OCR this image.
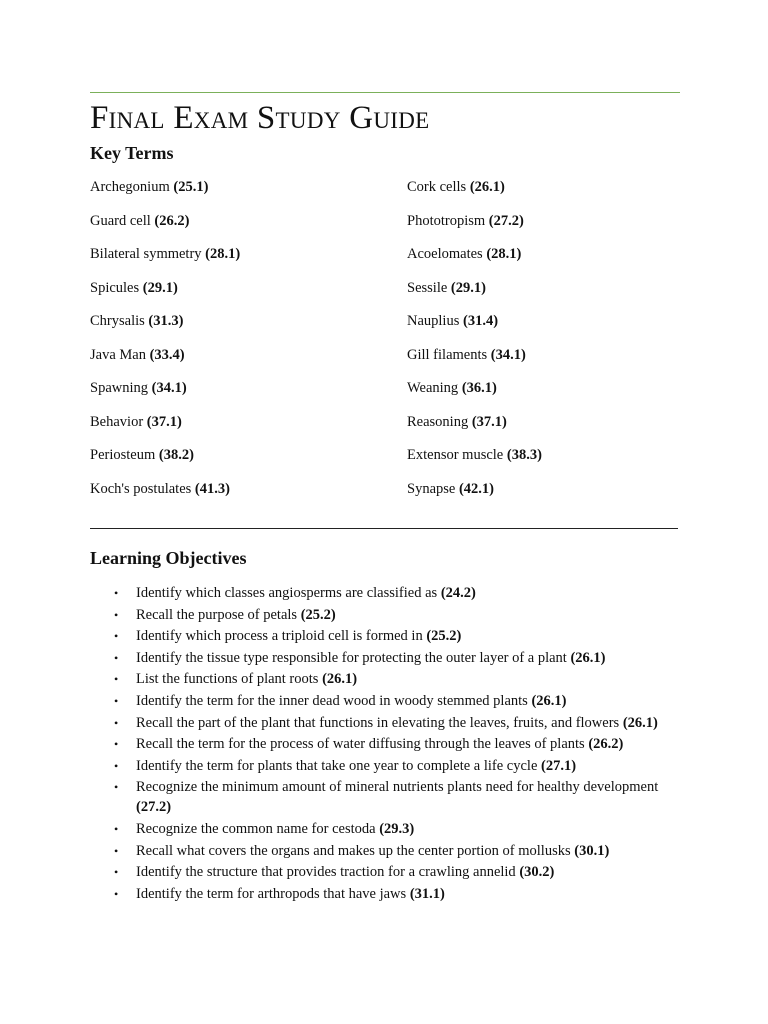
Final Exam Study Guide
Key Terms
Archegonium (25.1)	Cork cells (26.1)
Guard cell (26.2)	Phototropism (27.2)
Bilateral symmetry (28.1)	Acoelomates (28.1)
Spicules (29.1)	Sessile (29.1)
Chrysalis (31.3)	Nauplius (31.4)
Java Man (33.4)	Gill filaments (34.1)
Spawning (34.1)	Weaning (36.1)
Behavior (37.1)	Reasoning (37.1)
Periosteum (38.2)	Extensor muscle (38.3)
Koch's postulates (41.3)	Synapse (42.1)
Learning Objectives
• Identify which classes angiosperms are classified as (24.2)
• Recall the purpose of petals (25.2)
• Identify which process a triploid cell is formed in (25.2)
• Identify the tissue type responsible for protecting the outer layer of a plant (26.1)
• List the functions of plant roots (26.1)
• Identify the term for the inner dead wood in woody stemmed plants (26.1)
• Recall the part of the plant that functions in elevating the leaves, fruits, and flowers (26.1)
• Recall the term for the process of water diffusing through the leaves of plants (26.2)
• Identify the term for plants that take one year to complete a life cycle (27.1)
• Recognize the minimum amount of mineral nutrients plants need for healthy development (27.2)
• Recognize the common name for cestoda (29.3)
• Recall what covers the organs and makes up the center portion of mollusks (30.1)
• Identify the structure that provides traction for a crawling annelid (30.2)
• Identify the term for arthropods that have jaws (31.1)
